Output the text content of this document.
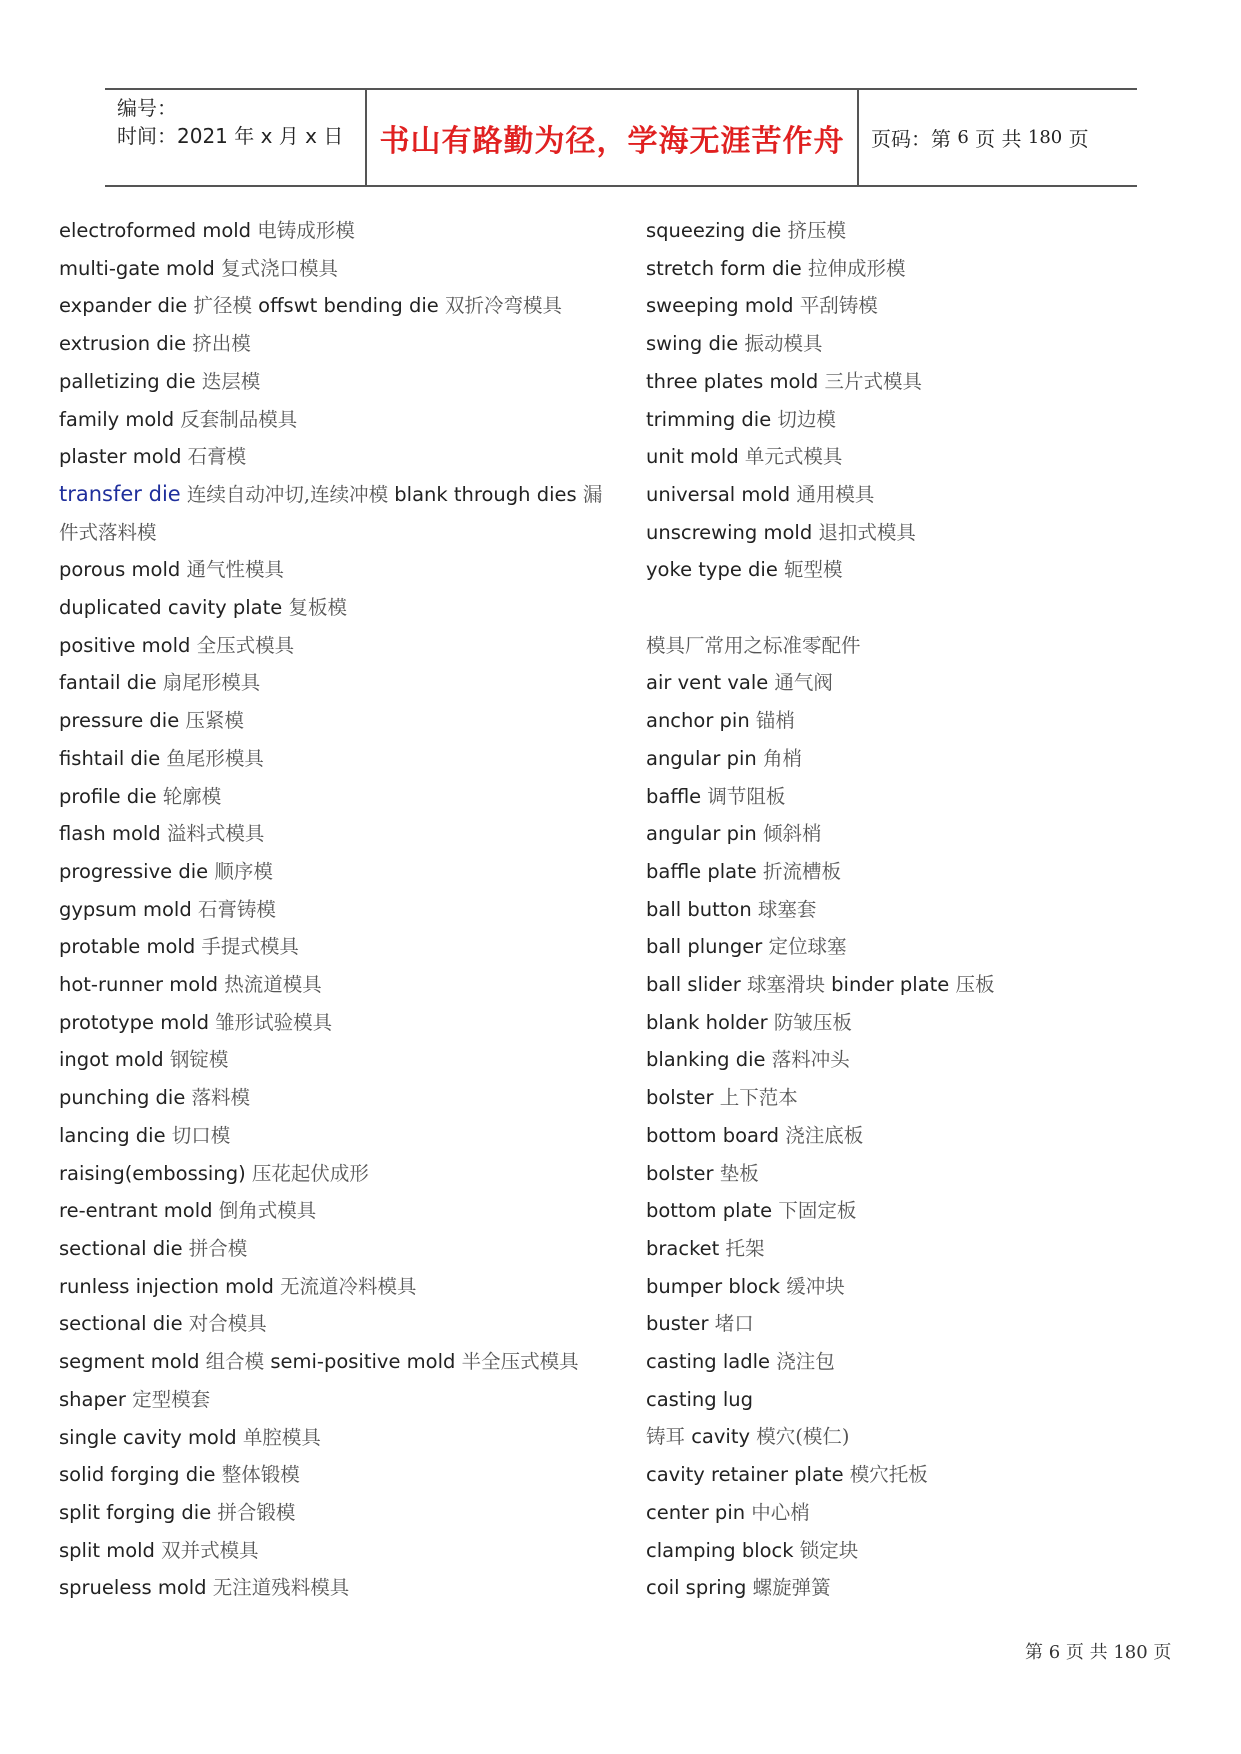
编号：
时间：2021 年 x 月 x 日	书山有路勤为径，学海无涯苦作舟	页码：第
6
页 共
180
页
electroformed mold 电铸成形模
multi-gate mold 复式浇口模具
expander die 扩径模 offswt bending die 双折冷弯模具
extrusion die 挤出模
palletizing die 迭层模
family mold 反套制品模具
plaster mold 石膏模
transfer die 连续自动冲切,连续冲模 blank through dies 漏件式落料模
porous mold 通气性模具
duplicated cavity plate 复板模
positive mold 全压式模具
fantail die 扇尾形模具
pressure die 压紧模
fishtail die 鱼尾形模具
profile die 轮廓模
flash mold 溢料式模具
progressive die 顺序模
gypsum mold 石膏铸模
protable mold 手提式模具
hot-runner mold 热流道模具
prototype mold 雏形试验模具
ingot mold 钢锭模
punching die 落料模
lancing die 切口模
raising(embossing) 压花起伏成形
re-entrant mold 倒角式模具
sectional die 拼合模
runless injection mold 无流道冷料模具
sectional die 对合模具
segment mold 组合模 semi-positive mold 半全压式模具
shaper 定型模套
single cavity mold 单腔模具
solid forging die 整体锻模
split forging die 拼合锻模
split mold 双并式模具
sprueless mold 无注道残料模具
squeezing die 挤压模
stretch form die 拉伸成形模
sweeping mold 平刮铸模
swing die 振动模具
three plates mold 三片式模具
trimming die 切边模
unit mold 单元式模具
universal mold 通用模具
unscrewing mold 退扣式模具
yoke type die 轭型模
模具厂常用之标准零配件
air vent vale 通气阀
anchor pin 锚梢
angular pin 角梢
baffle 调节阻板
angular pin 倾斜梢
baffle plate 折流槽板
ball button 球塞套
ball plunger 定位球塞
ball slider 球塞滑块 binder plate 压板
blank holder 防皱压板
blanking die 落料冲头
bolster 上下范本
bottom board 浇注底板
bolster 垫板
bottom plate 下固定板
bracket 托架
bumper block 缓冲块
buster 堵口
casting ladle 浇注包
casting lug
铸耳 cavity 模穴(模仁)
cavity retainer plate 模穴托板
center pin 中心梢
clamping block 锁定块
coil spring 螺旋弹簧
第 6 页 共 180 页
